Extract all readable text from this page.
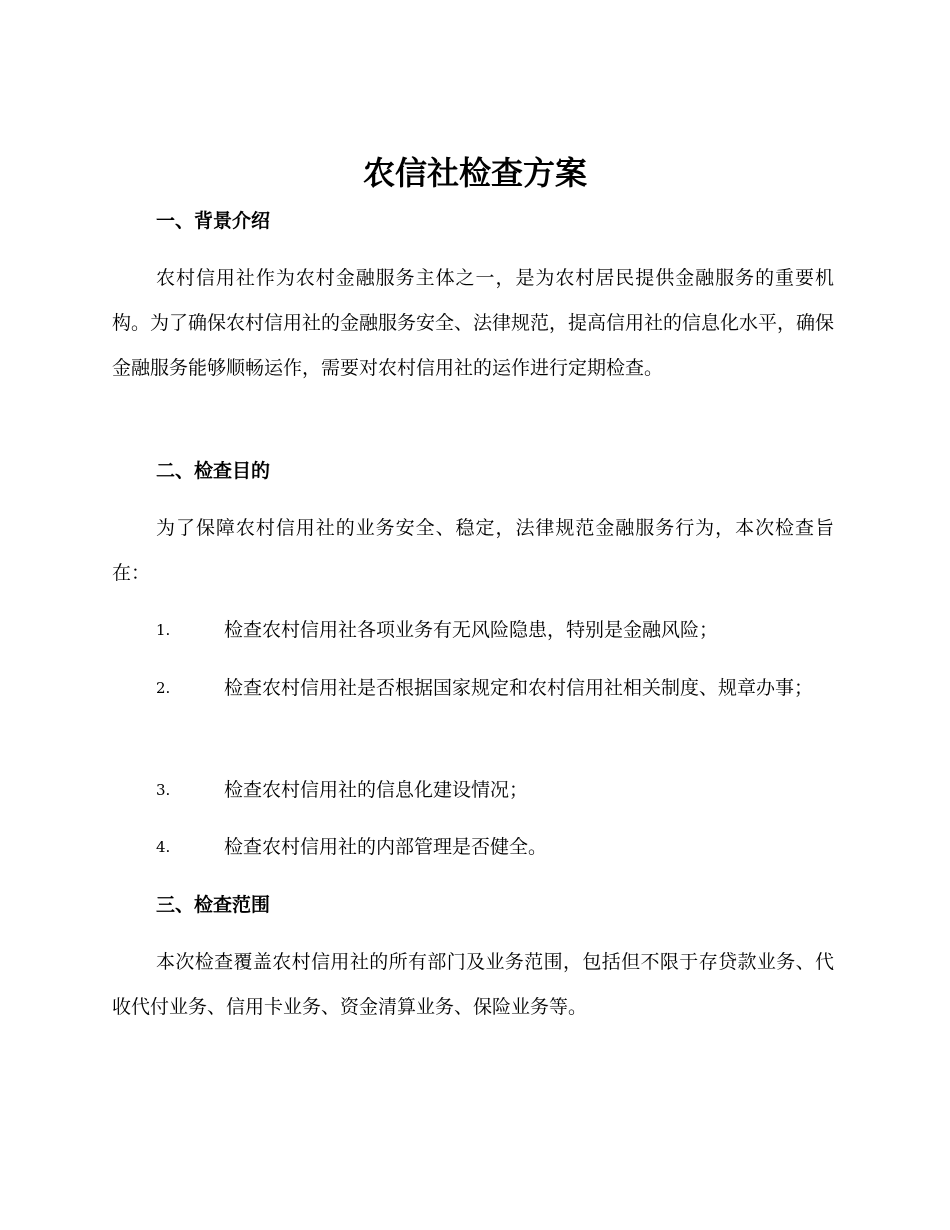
农信社检查方案
一、背景介绍
农村信用社作为农村金融服务主体之一，是为农村居民提供金融服务的重要机构。为了确保农村信用社的金融服务安全、法律规范，提高信用社的信息化水平，确保金融服务能够顺畅运作，需要对农村信用社的运作进行定期检查。
二、检查目的
为了保障农村信用社的业务安全、稳定，法律规范金融服务行为，本次检查旨在：
1.	检查农村信用社各项业务有无风险隐患，特别是金融风险；
2.	检查农村信用社是否根据国家规定和农村信用社相关制度、规章办事；
3.	检查农村信用社的信息化建设情况；
4.	检查农村信用社的内部管理是否健全。
三、检查范围
本次检查覆盖农村信用社的所有部门及业务范围，包括但不限于存贷款业务、代收代付业务、信用卡业务、资金清算业务、保险业务等。
